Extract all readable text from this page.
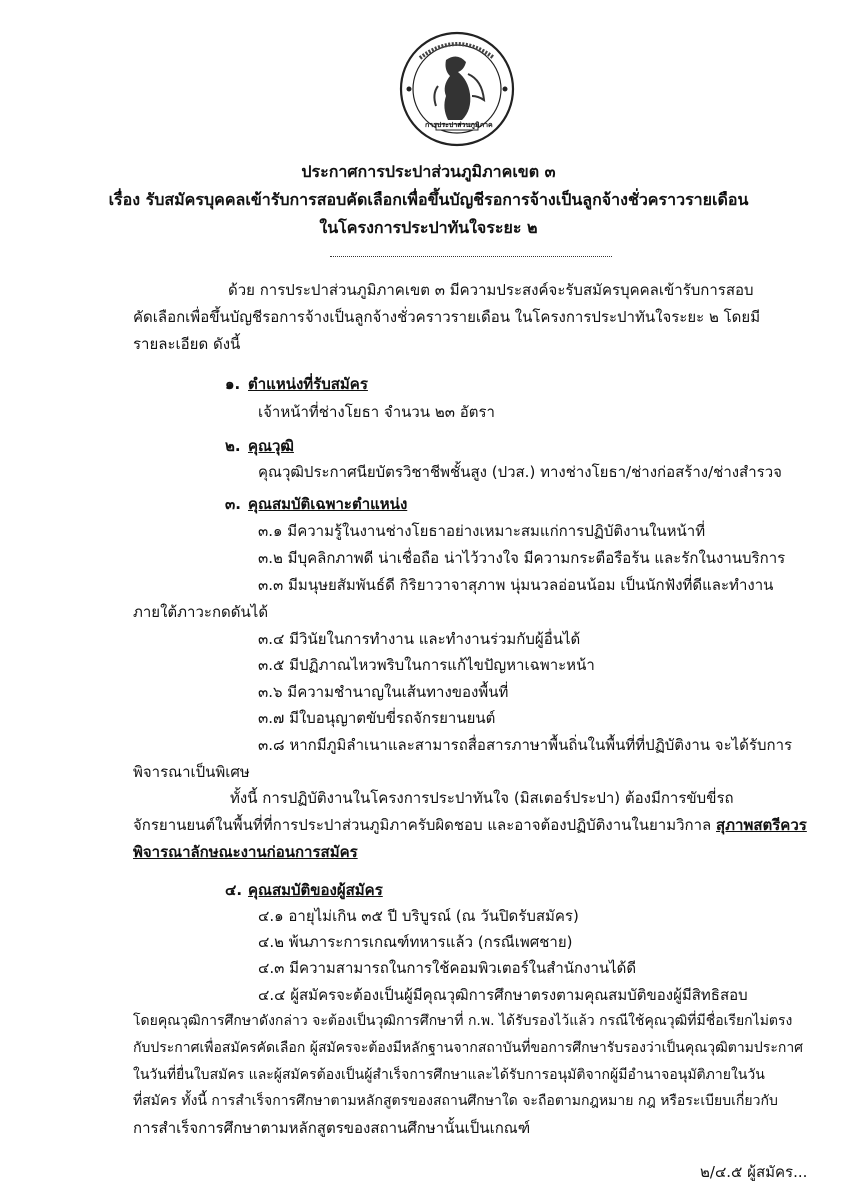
การประปาส่วนภูมิภาค
ประกาศการประปาส่วนภูมิภาคเขต ๓
เรื่อง รับสมัครบุคคลเข้ารับการสอบคัดเลือกเพื่อขึ้นบัญชีรอการจ้างเป็นลูกจ้างชั่วคราวรายเดือน
ในโครงการประปาทันใจระยะ ๒
ด้วย การประปาส่วนภูมิภาคเขต ๓ มีความประสงค์จะรับสมัครบุคคลเข้ารับการสอบ
คัดเลือกเพื่อขึ้นบัญชีรอการจ้างเป็นลูกจ้างชั่วคราวรายเดือน ในโครงการประปาทันใจระยะ ๒ โดยมี
รายละเอียด ดังนี้
๑. ตำแหน่งที่รับสมัคร
เจ้าหน้าที่ช่างโยธา จำนวน ๒๓ อัตรา
๒. คุณวุฒิ
คุณวุฒิประกาศนียบัตรวิชาชีพชั้นสูง (ปวส.) ทางช่างโยธา/ช่างก่อสร้าง/ช่างสำรวจ
๓. คุณสมบัติเฉพาะตำแหน่ง
๓.๑ มีความรู้ในงานช่างโยธาอย่างเหมาะสมแก่การปฏิบัติงานในหน้าที่
๓.๒ มีบุคลิกภาพดี น่าเชื่อถือ น่าไว้วางใจ มีความกระตือรือร้น และรักในงานบริการ
๓.๓ มีมนุษยสัมพันธ์ดี กิริยาวาจาสุภาพ นุ่มนวลอ่อนน้อม เป็นนักฟังที่ดีและทำงาน
ภายใต้ภาวะกดดันได้
๓.๔ มีวินัยในการทำงาน และทำงานร่วมกับผู้อื่นได้
๓.๕ มีปฏิภาณไหวพริบในการแก้ไขปัญหาเฉพาะหน้า
๓.๖ มีความชำนาญในเส้นทางของพื้นที่
๓.๗ มีใบอนุญาตขับขี่รถจักรยานยนต์
๓.๘ หากมีภูมิลำเนาและสามารถสื่อสารภาษาพื้นถิ่นในพื้นที่ที่ปฏิบัติงาน จะได้รับการ
พิจารณาเป็นพิเศษ
ทั้งนี้ การปฏิบัติงานในโครงการประปาทันใจ (มิสเตอร์ประปา) ต้องมีการขับขี่รถ
จักรยานยนต์ในพื้นที่ที่การประปาส่วนภูมิภาครับผิดชอบ และอาจต้องปฏิบัติงานในยามวิกาล สุภาพสตรีควร
พิจารณาลักษณะงานก่อนการสมัคร
๔. คุณสมบัติของผู้สมัคร
๔.๑ อายุไม่เกิน ๓๕ ปี บริบูรณ์ (ณ วันปิดรับสมัคร)
๔.๒ พ้นภาระการเกณฑ์ทหารแล้ว (กรณีเพศชาย)
๔.๓ มีความสามารถในการใช้คอมพิวเตอร์ในสำนักงานได้ดี
๔.๔ ผู้สมัครจะต้องเป็นผู้มีคุณวุฒิการศึกษาตรงตามคุณสมบัติของผู้มีสิทธิสอบ
โดยคุณวุฒิการศึกษาดังกล่าว จะต้องเป็นวุฒิการศึกษาที่ ก.พ. ได้รับรองไว้แล้ว กรณีใช้คุณวุฒิที่มีชื่อเรียกไม่ตรง
กับประกาศเพื่อสมัครคัดเลือก ผู้สมัครจะต้องมีหลักฐานจากสถาบันที่ขอการศึกษารับรองว่าเป็นคุณวุฒิตามประกาศ
ในวันที่ยื่นใบสมัคร และผู้สมัครต้องเป็นผู้สำเร็จการศึกษาและได้รับการอนุมัติจากผู้มีอำนาจอนุมัติภายในวัน
ที่สมัคร ทั้งนี้ การสำเร็จการศึกษาตามหลักสูตรของสถานศึกษาใด จะถือตามกฎหมาย กฎ หรือระเบียบเกี่ยวกับ
การสำเร็จการศึกษาตามหลักสูตรของสถานศึกษานั้นเป็นเกณฑ์
๒/๔.๕ ผู้สมัคร...
